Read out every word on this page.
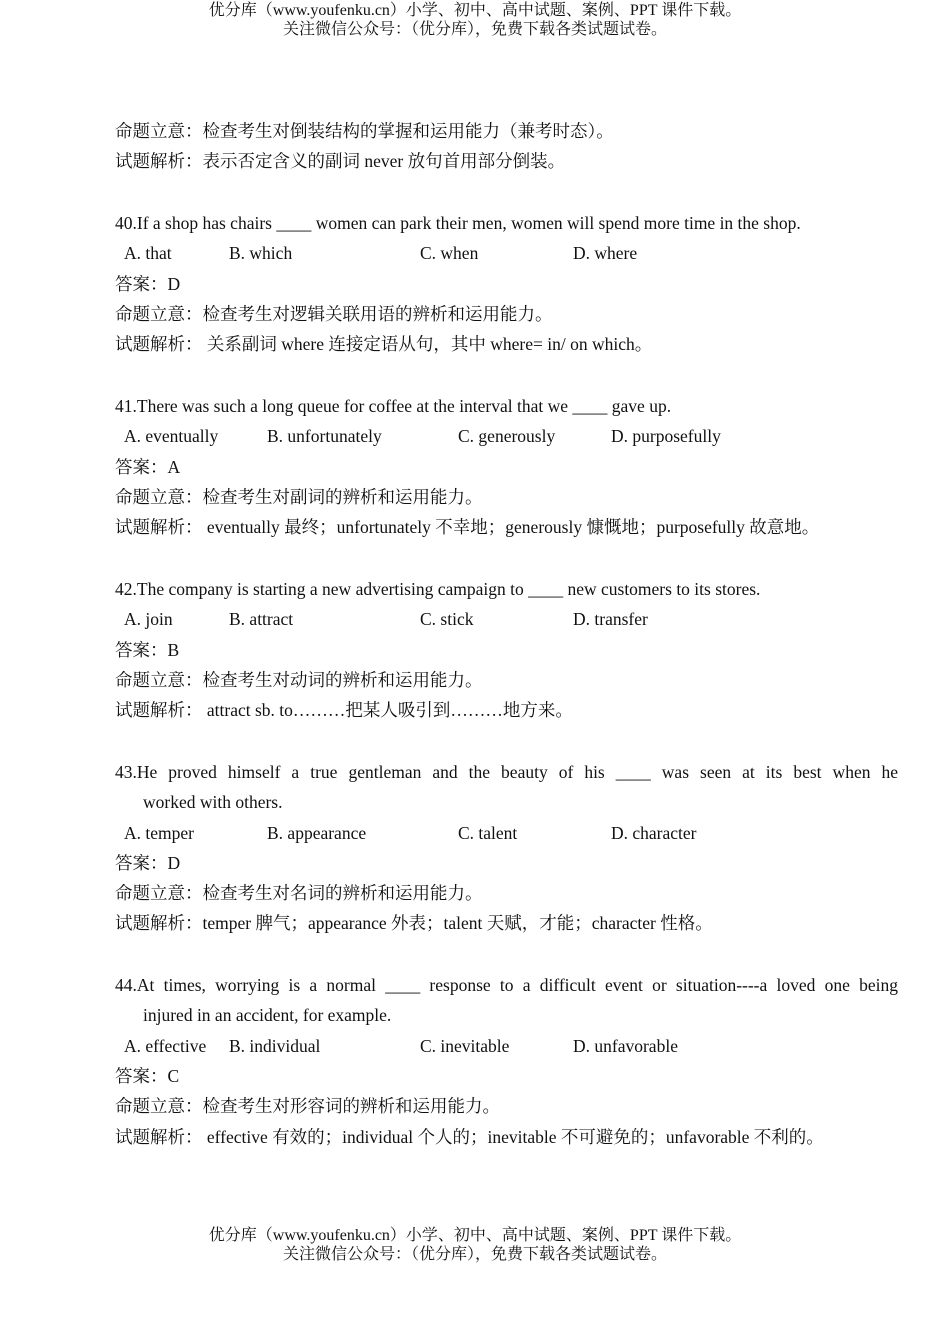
优分库（www.youfenku.cn）小学、初中、高中试题、案例、PPT 课件下载。
关注微信公众号：（优分库），免费下载各类试题试卷。
命题立意：检查考生对倒装结构的掌握和运用能力（兼考时态）。
试题解析：表示否定含义的副词 never 放句首用部分倒装。
40.If a shop has chairs ____ women can park their men, women will spend more time in the shop.
A. that	B. which	C. when	D. where
答案：D
命题立意：检查考生对逻辑关联用语的辨析和运用能力。
试题解析： 关系副词 where 连接定语从句，其中 where= in/ on which。
41.There was such a long queue for coffee at the interval that we ____ gave up.
A. eventually	B. unfortunately	C. generously	D. purposefully
答案：A
命题立意：检查考生对副词的辨析和运用能力。
试题解析： eventually 最终；unfortunately 不幸地；generously 慷慨地；purposefully 故意地。
42.The company is starting a new advertising campaign to ____ new customers to its stores.
A. join	B. attract	C. stick	D. transfer
答案：B
命题立意：检查考生对动词的辨析和运用能力。
试题解析： attract sb. to………把某人吸引到………地方来。
43.He proved himself a true gentleman and the beauty of his ____ was seen at its best when he
worked with others.
A. temper	B. appearance	C. talent	D. character
答案：D
命题立意：检查考生对名词的辨析和运用能力。
试题解析：temper 脾气；appearance 外表；talent 天赋，才能；character 性格。
44.At times, worrying is a normal ____ response to a difficult event or situation----a loved one being
injured in an accident, for example.
A. effective B. individual	C. inevitable	D. unfavorable
答案：C
命题立意：检查考生对形容词的辨析和运用能力。
试题解析： effective 有效的；individual 个人的；inevitable 不可避免的；unfavorable 不利的。
优分库（www.youfenku.cn）小学、初中、高中试题、案例、PPT 课件下载。
关注微信公众号：（优分库），免费下载各类试题试卷。
